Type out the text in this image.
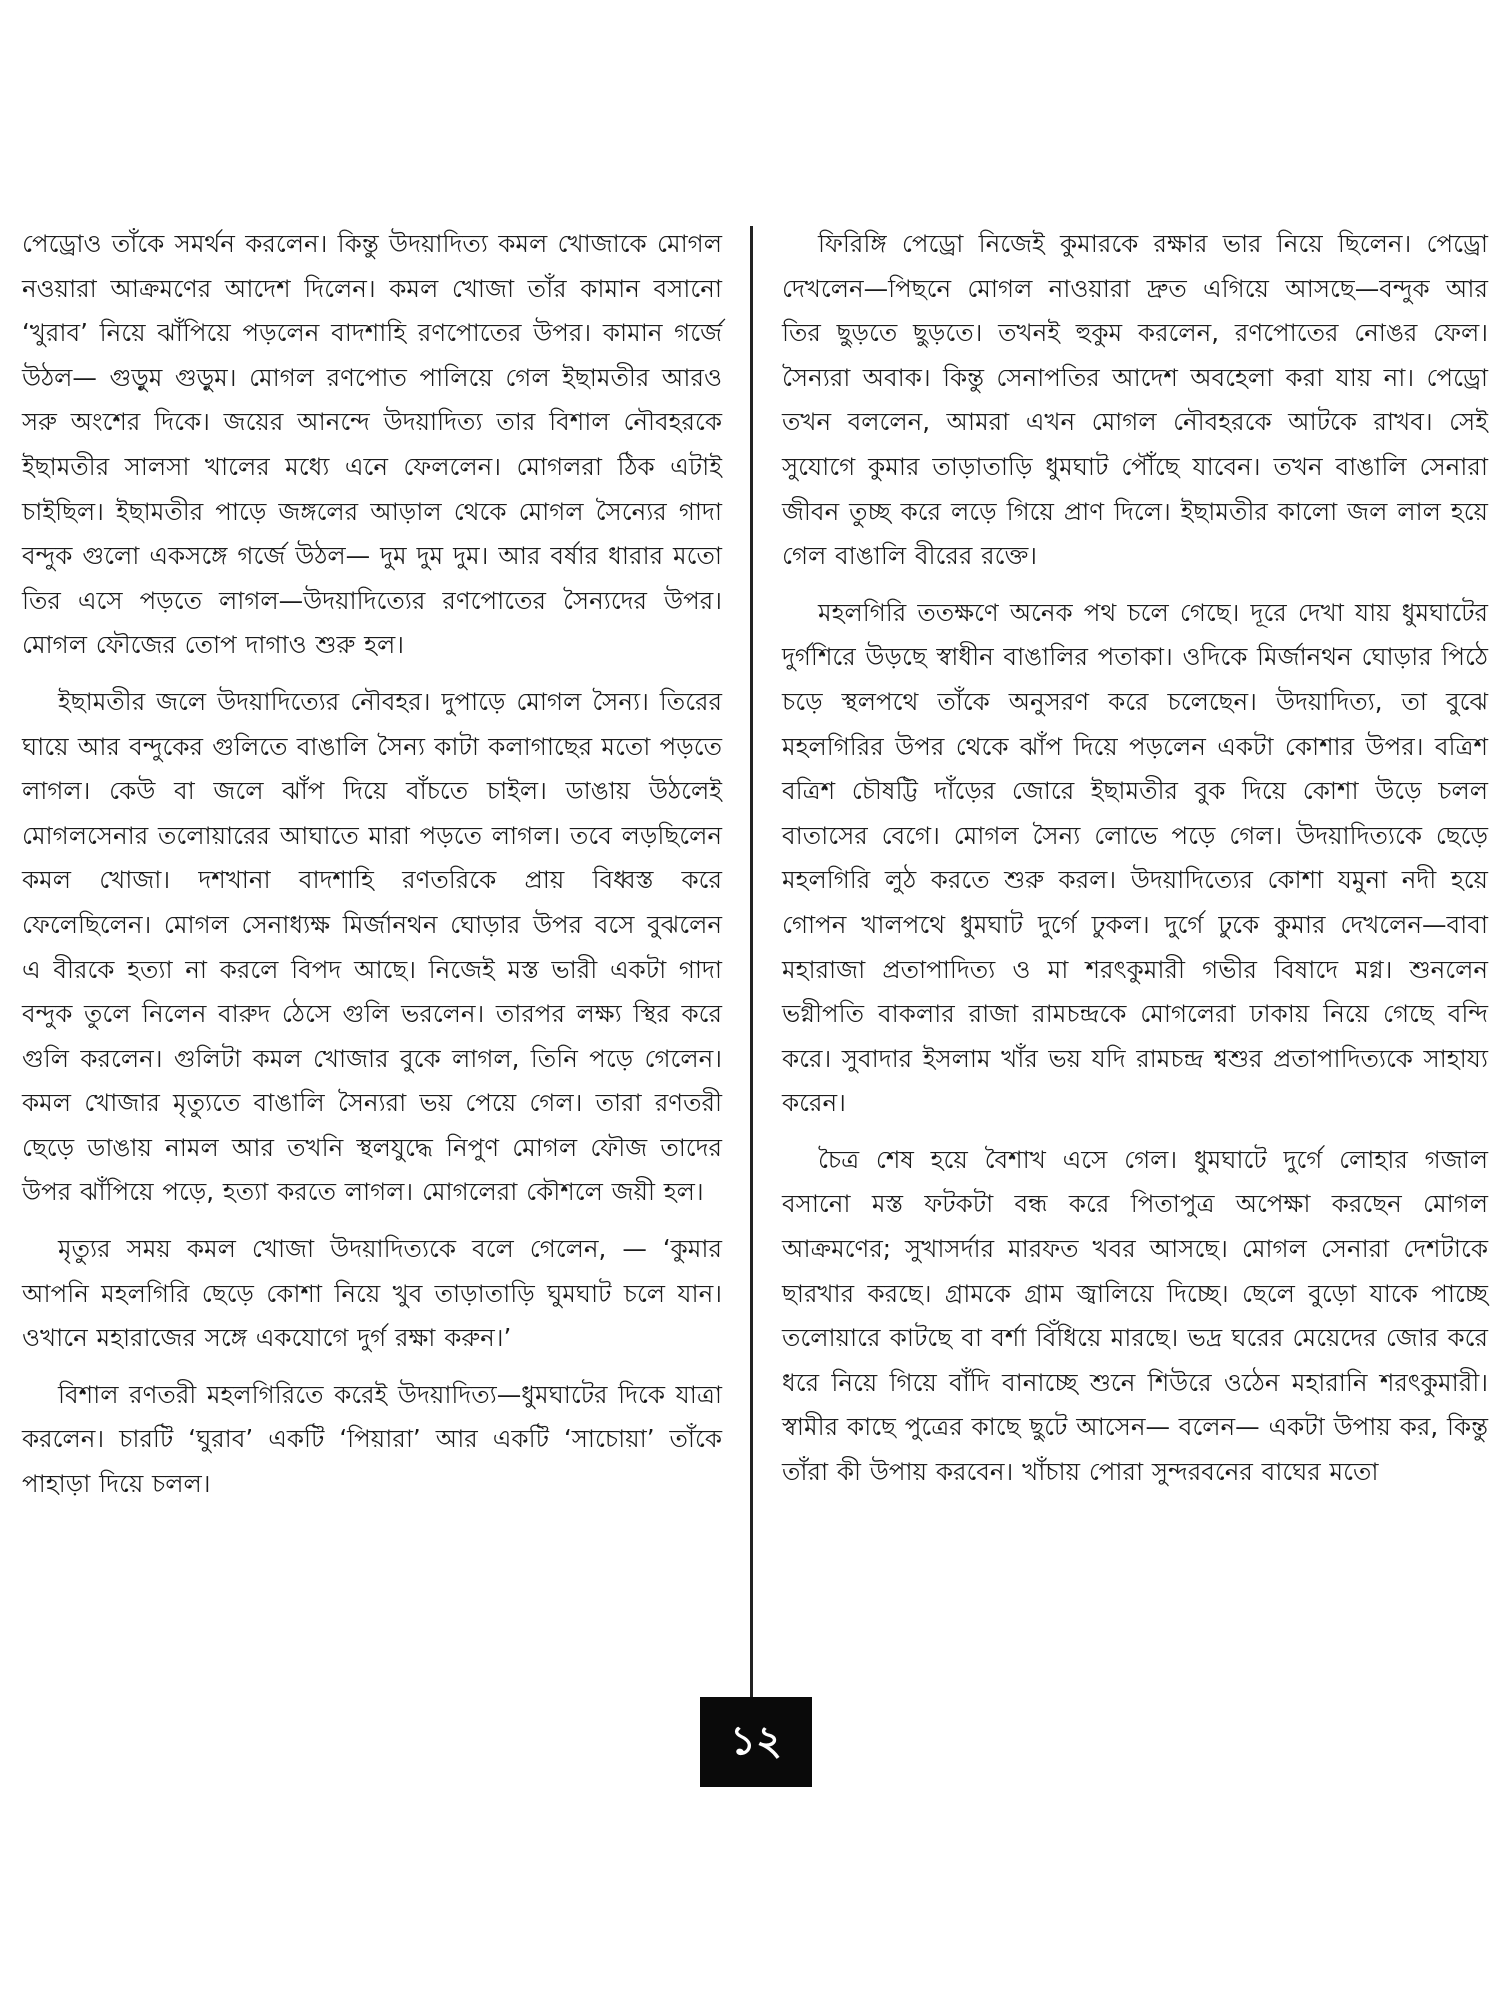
পেড্রোও তাঁকে সমর্থন করলেন। কিন্তু উদয়াদিত্য কমল খোজাকে মোগল নওয়ারা আক্রমণের আদেশ দিলেন। কমল খোজা তাঁর কামান বসানো ‘খুরাব’ নিয়ে ঝাঁপিয়ে পড়লেন বাদশাহি রণপোতের উপর। কামান গর্জে উঠল— গুড়ুম গুড়ুম। মোগল রণপোত পালিয়ে গেল ইছামতীর আরও সরু অংশের দিকে। জয়ের আনন্দে উদয়াদিত্য তার বিশাল নৌবহরকে ইছামতীর সালসা খালের মধ্যে এনে ফেললেন। মোগলরা ঠিক এটাই চাইছিল। ইছামতীর পাড়ে জঙ্গলের আড়াল থেকে মোগল সৈন্যের গাদা বন্দুক গুলো একসঙ্গে গর্জে উঠল— দুম দুম দুম। আর বর্ষার ধারার মতো তির এসে পড়তে লাগল—উদয়াদিত্যের রণপোতের সৈন্যদের উপর। মোগল ফৌজের তোপ দাগাও শুরু হল।

ইছামতীর জলে উদয়াদিত্যের নৌবহর। দুপাড়ে মোগল সৈন্য। তিরের ঘায়ে আর বন্দুকের গুলিতে বাঙালি সৈন্য কাটা কলাগাছের মতো পড়তে লাগল। কেউ বা জলে ঝাঁপ দিয়ে বাঁচতে চাইল। ডাঙায় উঠলেই মোগলসেনার তলোয়ারের আঘাতে মারা পড়তে লাগল। তবে লড়ছিলেন কমল খোজা। দশখানা বাদশাহি রণতরিকে প্রায় বিধ্বস্ত করে ফেলেছিলেন। মোগল সেনাধ্যক্ষ মির্জানথন ঘোড়ার উপর বসে বুঝলেন এ বীরকে হত্যা না করলে বিপদ আছে। নিজেই মস্ত ভারী একটা গাদা বন্দুক তুলে নিলেন বারুদ ঠেসে গুলি ভরলেন। তারপর লক্ষ্য স্থির করে গুলি করলেন। গুলিটা কমল খোজার বুকে লাগল, তিনি পড়ে গেলেন। কমল খোজার মৃত্যুতে বাঙালি সৈন্যরা ভয় পেয়ে গেল। তারা রণতরী ছেড়ে ডাঙায় নামল আর তখনি স্থলযুদ্ধে নিপুণ মোগল ফৌজ তাদের উপর ঝাঁপিয়ে পড়ে, হত্যা করতে লাগল। মোগলেরা কৌশলে জয়ী হল।

মৃত্যুর সময় কমল খোজা উদয়াদিত্যকে বলে গেলেন, — ‘কুমার আপনি মহলগিরি ছেড়ে কোশা নিয়ে খুব তাড়াতাড়ি ঘুমঘাট চলে যান। ওখানে মহারাজের সঙ্গে একযোগে দুর্গ রক্ষা করুন।’

বিশাল রণতরী মহলগিরিতে করেই উদয়াদিত্য—ধুমঘাটের দিকে যাত্রা করলেন। চারটি ‘ঘুরাব’ একটি ‘পিয়ারা’ আর একটি ‘সাচোয়া’ তাঁকে পাহাড়া দিয়ে চলল।

ফিরিঙ্গি পেড্রো নিজেই কুমারকে রক্ষার ভার নিয়ে ছিলেন। পেড্রো দেখলেন—পিছনে মোগল নাওয়ারা দ্রুত এগিয়ে আসছে—বন্দুক আর তির ছুড়তে ছুড়তে। তখনই হুকুম করলেন, রণপোতের নোঙর ফেল। সৈন্যরা অবাক। কিন্তু সেনাপতির আদেশ অবহেলা করা যায় না। পেড্রো তখন বললেন, আমরা এখন মোগল নৌবহরকে আটকে রাখব। সেই সুযোগে কুমার তাড়াতাড়ি ধুমঘাট পৌঁছে যাবেন। তখন বাঙালি সেনারা জীবন তুচ্ছ করে লড়ে গিয়ে প্রাণ দিলে। ইছামতীর কালো জল লাল হয়ে গেল বাঙালি বীরের রক্তে।

মহলগিরি ততক্ষণে অনেক পথ চলে গেছে। দূরে দেখা যায় ধুমঘাটের দুর্গশিরে উড়ছে স্বাধীন বাঙালির পতাকা। ওদিকে মির্জানথন ঘোড়ার পিঠে চড়ে স্থলপথে তাঁকে অনুসরণ করে চলেছেন। উদয়াদিত্য, তা বুঝে মহলগিরির উপর থেকে ঝাঁপ দিয়ে পড়লেন একটা কোশার উপর। বত্রিশ বত্রিশ চৌষট্টি দাঁড়ের জোরে ইছামতীর বুক দিয়ে কোশা উড়ে চলল বাতাসের বেগে। মোগল সৈন্য লোভে পড়ে গেল। উদয়াদিত্যকে ছেড়ে মহলগিরি লুঠ করতে শুরু করল। উদয়াদিত্যের কোশা যমুনা নদী হয়ে গোপন খালপথে ধুমঘাট দুর্গে ঢুকল। দুর্গে ঢুকে কুমার দেখলেন—বাবা মহারাজা প্রতাপাদিত্য ও মা শরৎকুমারী গভীর বিষাদে মগ্ন। শুনলেন ভগ্নীপতি বাকলার রাজা রামচন্দ্রকে মোগলেরা ঢাকায় নিয়ে গেছে বন্দি করে। সুবাদার ইসলাম খাঁর ভয় যদি রামচন্দ্র শ্বশুর প্রতাপাদিত্যকে সাহায্য করেন।

চৈত্র শেষ হয়ে বৈশাখ এসে গেল। ধুমঘাটে দুর্গে লোহার গজাল বসানো মস্ত ফটকটা বন্ধ করে পিতাপুত্র অপেক্ষা করছেন মোগল আক্রমণের; সুখাসর্দার মারফত খবর আসছে। মোগল সেনারা দেশটাকে ছারখার করছে। গ্রামকে গ্রাম জ্বালিয়ে দিচ্ছে। ছেলে বুড়ো যাকে পাচ্ছে তলোয়ারে কাটছে বা বর্শা বিঁধিয়ে মারছে। ভদ্র ঘরের মেয়েদের জোর করে ধরে নিয়ে গিয়ে বাঁদি বানাচ্ছে শুনে শিউরে ওঠেন মহারানি শরৎকুমারী। স্বামীর কাছে পুত্রের কাছে ছুটে আসেন— বলেন— একটা উপায় কর, কিন্তু তাঁরা কী উপায় করবেন। খাঁচায় পোরা সুন্দরবনের বাঘের মতো

১২
